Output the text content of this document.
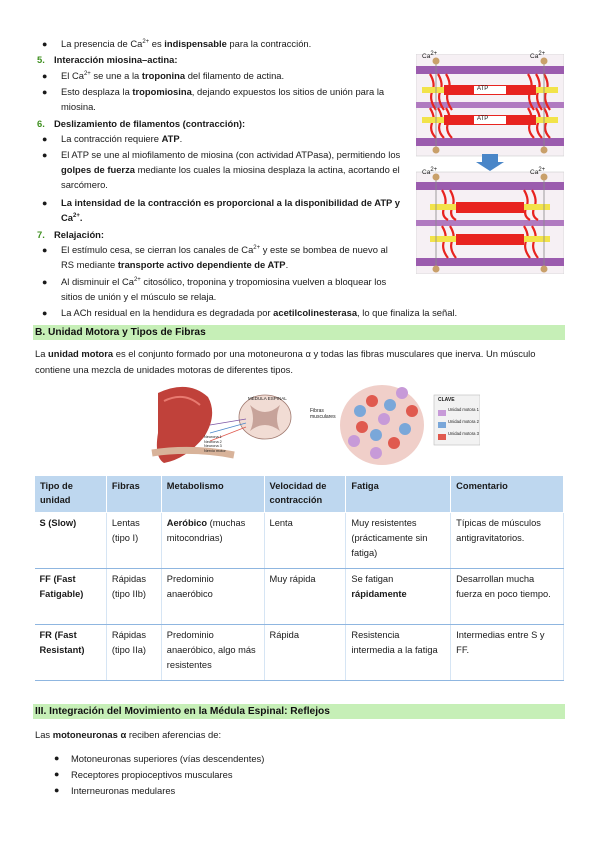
● La presencia de $Ca^{2+}$ es indispensable para la contracción.
5. Interacción miosina–actina:
● El $Ca^{2+}$ se une a la troponina del filamento de actina.
● Esto desplaza la tropomiosina, dejando expuestos los sitios de unión para la miosina.
6. Deslizamiento de filamentos (contracción):
● La contracción requiere ATP.
● El ATP se une al miofilamento de miosina (con actividad ATPasa), permitiendo los golpes de fuerza mediante los cuales la miosina desplaza la actina, acortando el sarcómero.
● La intensidad de la contracción es proporcional a la disponibilidad de ATP y $Ca^{2+}$.
7. Relajación:
● El estímulo cesa, se cierran los canales de $Ca^{2+}$ y este se bombea de nuevo al RS mediante transporte activo dependiente de ATP.
● Al disminuir el $Ca^{2+}$ citosólico, troponina y tropomiosina vuelven a bloquear los sitios de unión y el músculo se relaja.
● La ACh residual en la hendidura es degradada por acetilcolinesterasa, lo que finaliza la señal.
$Ca^{2+}$	$Ca^{2+}$
$Ca^{2+}$	$Ca^{2+}$
ATP
ATP
B. Unidad Motora y Tipos de Fibras
La unidad motora es el conjunto formado por una motoneurona α y todas las fibras musculares que inerva. Un músculo contiene una mezcla de unidades motoras de diferentes tipos.
MÉDULA ESPINAL
Fibras musculares
CLAVE
Unidad motora 1
Unidad motora 2
Unidad motora 3
Neurona 1
Neurona 2
Neurona 3
Nervio motor
Tipo de unidad	Fibras	Metabolismo	Velocidad de contracción	Fatiga	Comentario
S (Slow)	Lentas (tipo I)	Aeróbico (muchas mitocondrias)	Lenta	Muy resistentes (prácticamente sin fatiga)	Típicas de músculos antigravitatorios.
FF (Fast Fatigable)	Rápidas (tipo IIb)	Predominio anaeróbico	Muy rápida	Se fatigan rápidamente	Desarrollan mucha fuerza en poco tiempo.
FR (Fast Resistant)	Rápidas (tipo IIa)	Predominio anaeróbico, algo más resistentes	Rápida	Resistencia intermedia a la fatiga	Intermedias entre S y FF.
III. Integración del Movimiento en la Médula Espinal: Reflejos
Las motoneuronas α reciben aferencias de:
● Motoneuronas superiores (vías descendentes)
● Receptores propioceptivos musculares
● Interneuronas medulares
